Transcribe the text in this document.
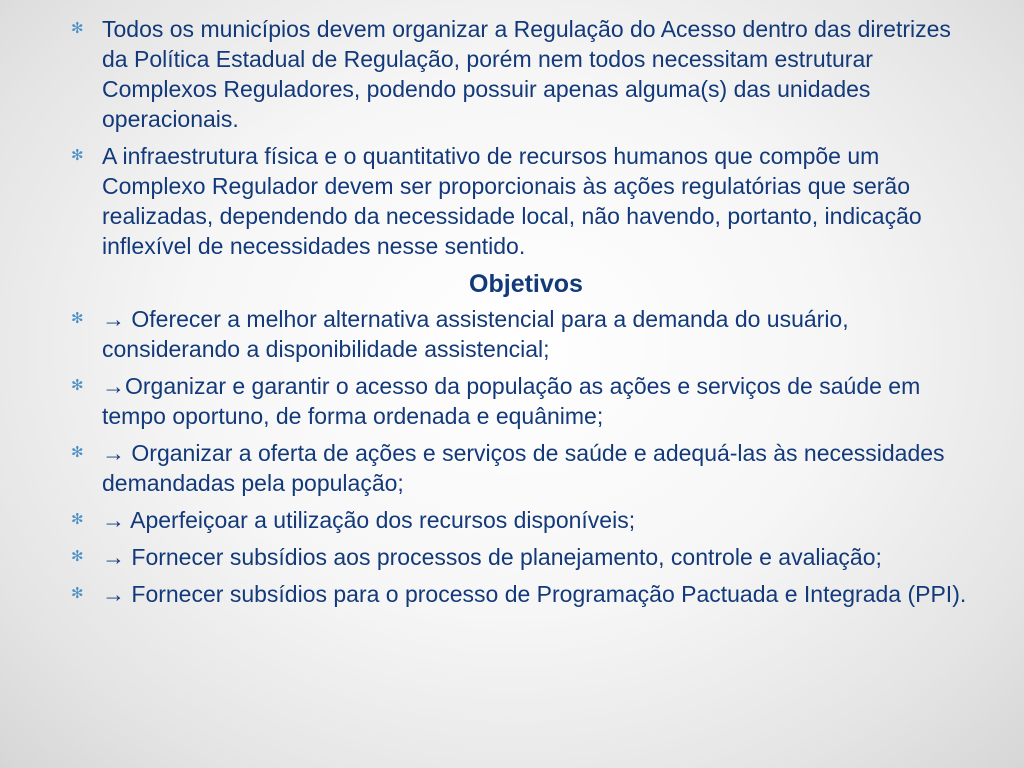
✻ Todos os municípios devem organizar a Regulação do Acesso dentro das diretrizes da Política Estadual de Regulação, porém nem todos necessitam estruturar Complexos Reguladores, podendo possuir apenas alguma(s) das unidades operacionais.
✻ A infraestrutura física e o quantitativo de recursos humanos que compõe um Complexo Regulador devem ser proporcionais às ações regulatórias que serão realizadas, dependendo da necessidade local, não havendo, portanto, indicação inflexível de necessidades nesse sentido.
Objetivos
✻ → Oferecer a melhor alternativa assistencial para a demanda do usuário, considerando a disponibilidade assistencial;
✻ →Organizar e garantir o acesso da população as ações e serviços de saúde em tempo oportuno, de forma ordenada e equânime;
✻ → Organizar a oferta de ações e serviços de saúde e adequá-las às necessidades demandadas pela população;
✻ → Aperfeiçoar a utilização dos recursos disponíveis;
✻ → Fornecer subsídios aos processos de planejamento, controle e avaliação;
✻ → Fornecer subsídios para o processo de Programação Pactuada e Integrada (PPI).
